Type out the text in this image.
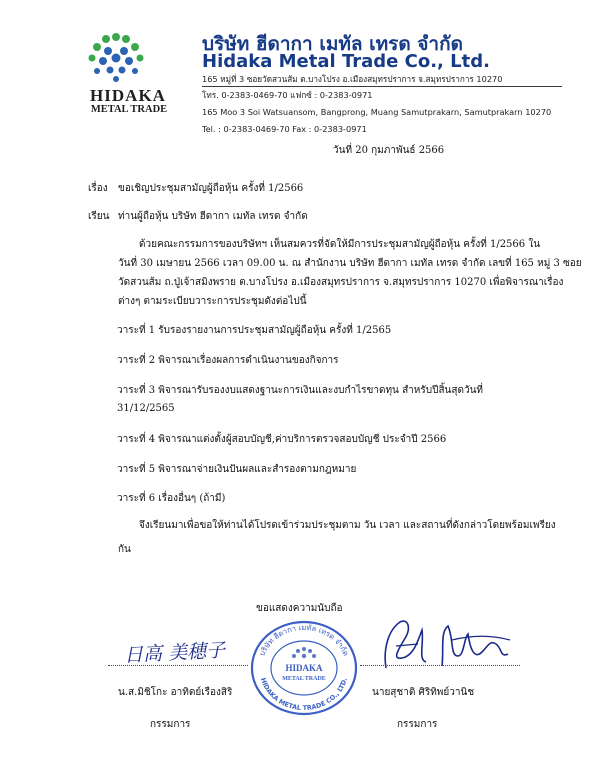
HIDAKA
METAL TRADE
บริษัท ฮีดากา เมทัล เทรด จำกัด
Hidaka Metal Trade Co., Ltd.
165 หมู่ที่ 3 ซอยวัดสวนส้ม ต.บางโปรง อ.เมืองสมุทรปราการ จ.สมุทรปราการ 10270
โทร. 0-2383-0469-70 แฟกซ์ : 0-2383-0971
165 Moo 3 Soi Watsuansom, Bangprong, Muang Samutprakarn, Samutprakarn 10270
Tel. : 0-2383-0469-70 Fax : 0-2383-0971
วันที่ 20 กุมภาพันธ์ 2566
เรื่อง ขอเชิญประชุมสามัญผู้ถือหุ้น ครั้งที่ 1/2566
เรียน ท่านผู้ถือหุ้น บริษัท ฮีดากา เมทัล เทรด จำกัด
ด้วยคณะกรรมการของบริษัทฯ เห็นสมควรที่จัดให้มีการประชุมสามัญผู้ถือหุ้น ครั้งที่ 1/2566 ใน
วันที่ 30 เมษายน 2566 เวลา 09.00 น. ณ สำนักงาน บริษัท ฮีดากา เมทัล เทรด จำกัด เลขที่ 165 หมู่ 3 ซอย
วัดสวนส้ม ถ.ปู่เจ้าสมิงพราย ต.บางโปรง อ.เมืองสมุทรปราการ จ.สมุทรปราการ 10270 เพื่อพิจารณาเรื่อง
ต่างๆ ตามระเบียบวาระการประชุมดังต่อไปนี้
วาระที่ 1 รับรองรายงานการประชุมสามัญผู้ถือหุ้น ครั้งที่ 1/2565
วาระที่ 2 พิจารณาเรื่องผลการดำเนินงานของกิจการ
วาระที่ 3 พิจารณารับรองงบแสดงฐานะการเงินและงบกำไรขาดทุน สำหรับปีสิ้นสุดวันที่
31/12/2565
วาระที่ 4 พิจารณาแต่งตั้งผู้สอบบัญชี,ค่าบริการตรวจสอบบัญชี ประจำปี 2566
วาระที่ 5 พิจารณาจ่ายเงินปันผลและสำรองตามกฎหมาย
วาระที่ 6 เรื่องอื่นๆ (ถ้ามี)
จึงเรียนมาเพื่อขอให้ท่านได้โปรดเข้าร่วมประชุมตาม วัน เวลา และสถานที่ดังกล่าวโดยพร้อมเพรียง
กัน
ขอแสดงความนับถือ
日高 美穂子	บริษัท ฮีดากา เมทัล เทรด จำกัด
HIDAKA METAL TRADE CO., LTD.
HIDAKA
METAL TRADE
น.ส.มิชิโกะ อาทิตย์เรืองสิริ
กรรมการ
นายสุชาติ ศิริทิพย์วานิช
กรรมการ
